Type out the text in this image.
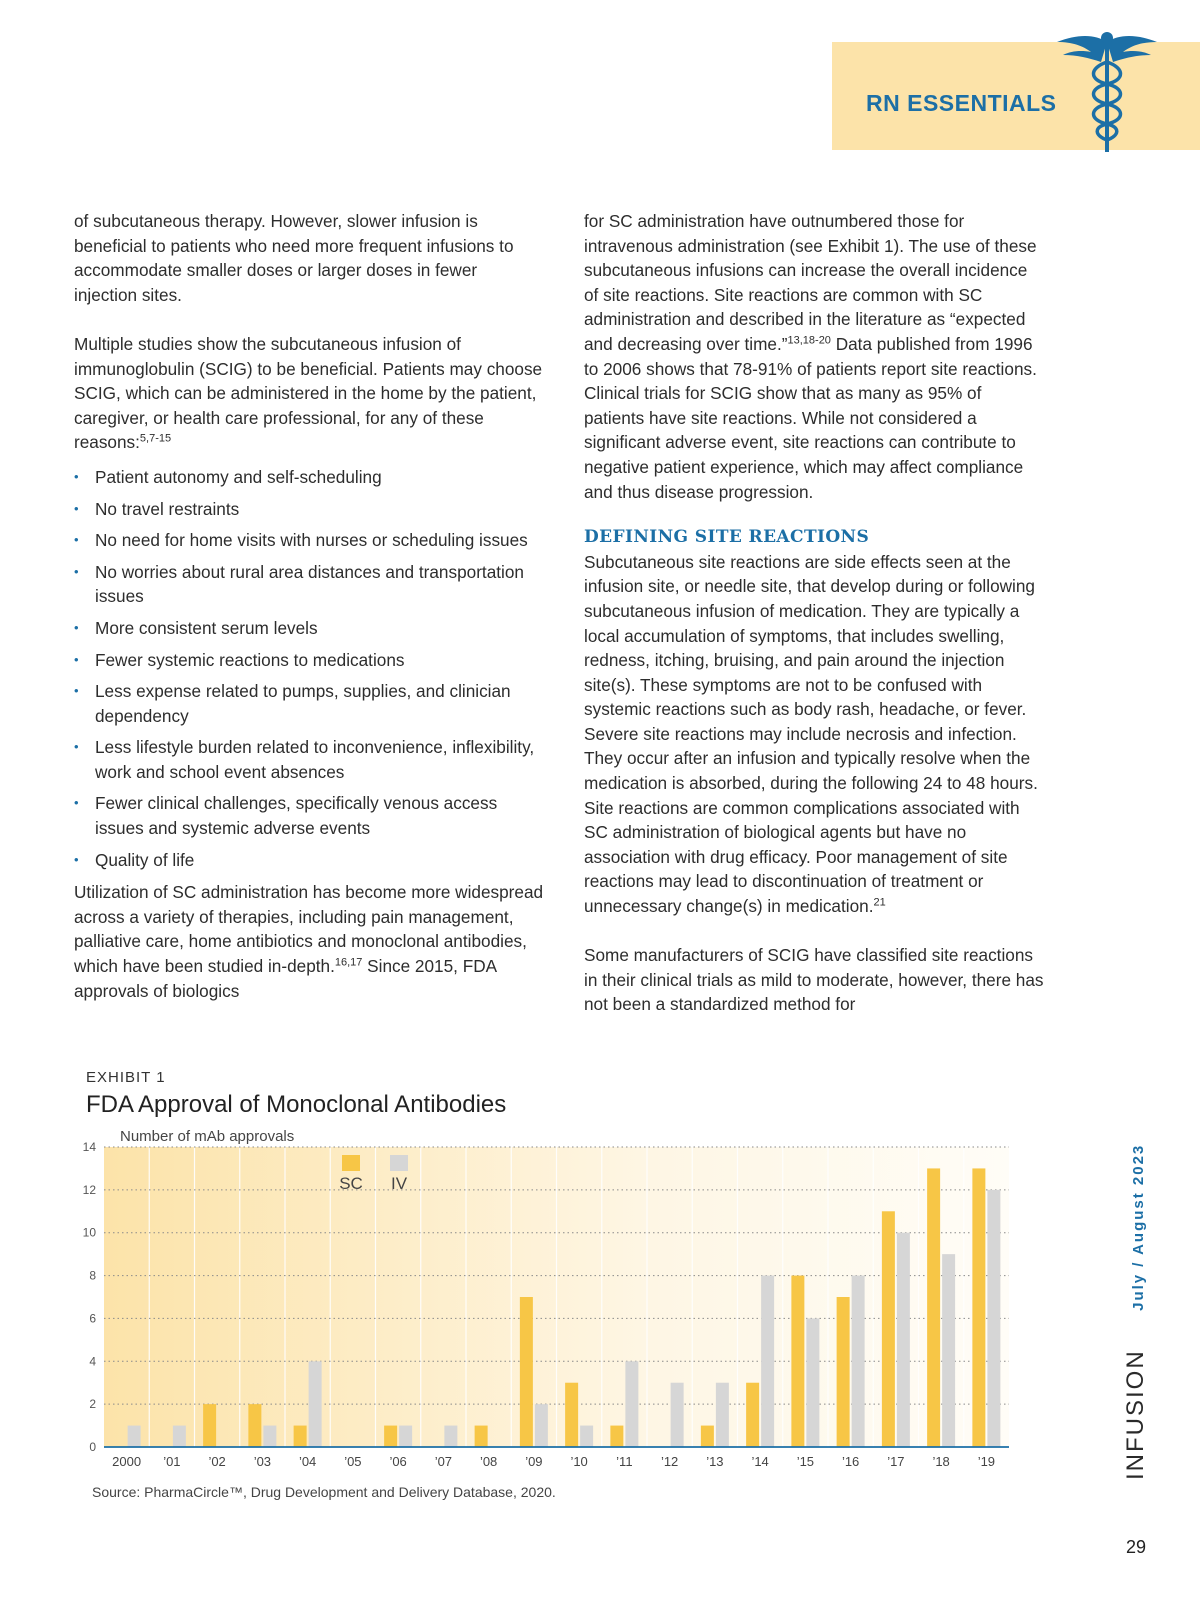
RN ESSENTIALS

of subcutaneous therapy. However, slower infusion is beneficial to patients who need more frequent infusions to accommodate smaller doses or larger doses in fewer injection sites.

Multiple studies show the subcutaneous infusion of immunoglobulin (SCIG) to be beneficial. Patients may choose SCIG, which can be administered in the home by the patient, caregiver, or health care professional, for any of these reasons:$^{5,7-15}$

• Patient autonomy and self-scheduling
• No travel restraints
• No need for home visits with nurses or scheduling issues
• No worries about rural area distances and transportation issues
• More consistent serum levels
• Fewer systemic reactions to medications
• Less expense related to pumps, supplies, and clinician dependency
• Less lifestyle burden related to inconvenience, inflexibility, work and school event absences
• Fewer clinical challenges, specifically venous access issues and systemic adverse events
• Quality of life

Utilization of SC administration has become more widespread across a variety of therapies, including pain management, palliative care, home antibiotics and monoclonal antibodies, which have been studied in-depth.$^{16,17}$ Since 2015, FDA approvals of biologics

for SC administration have outnumbered those for intravenous administration (see Exhibit 1). The use of these subcutaneous infusions can increase the overall incidence of site reactions. Site reactions are common with SC administration and described in the literature as “expected and decreasing over time.”$^{13,18-20}$ Data published from 1996 to 2006 shows that 78-91% of patients report site reactions. Clinical trials for SCIG show that as many as 95% of patients have site reactions. While not considered a significant adverse event, site reactions can contribute to negative patient experience, which may affect compliance and thus disease progression.

DEFINING SITE REACTIONS

Subcutaneous site reactions are side effects seen at the infusion site, or needle site, that develop during or following subcutaneous infusion of medication. They are typically a local accumulation of symptoms, that includes swelling, redness, itching, bruising, and pain around the injection site(s). These symptoms are not to be confused with systemic reactions such as body rash, headache, or fever. Severe site reactions may include necrosis and infection. They occur after an infusion and typically resolve when the medication is absorbed, during the following 24 to 48 hours. Site reactions are common complications associated with SC administration of biological agents but have no association with drug efficacy. Poor management of site reactions may lead to discontinuation of treatment or unnecessary change(s) in medication.$^{21}$

Some manufacturers of SCIG have classified site reactions in their clinical trials as mild to moderate, however, there has not been a standardized method for

EXHIBIT 1
FDA Approval of Monoclonal Antibodies
0
2
4
6
8
10
12
14
2000 ’01 ’02 ’03 ’04 ’05 ’06 ’07 ’08 ’09 ’10 ’11 ’12 ’13 ’14 ’15 ’16 ’17 ’18 ’19
Number of mAb approvals
SC IV
Source: PharmaCircle™, Drug Development and Delivery Database, 2020.
INFUSION July / August 2023
29
